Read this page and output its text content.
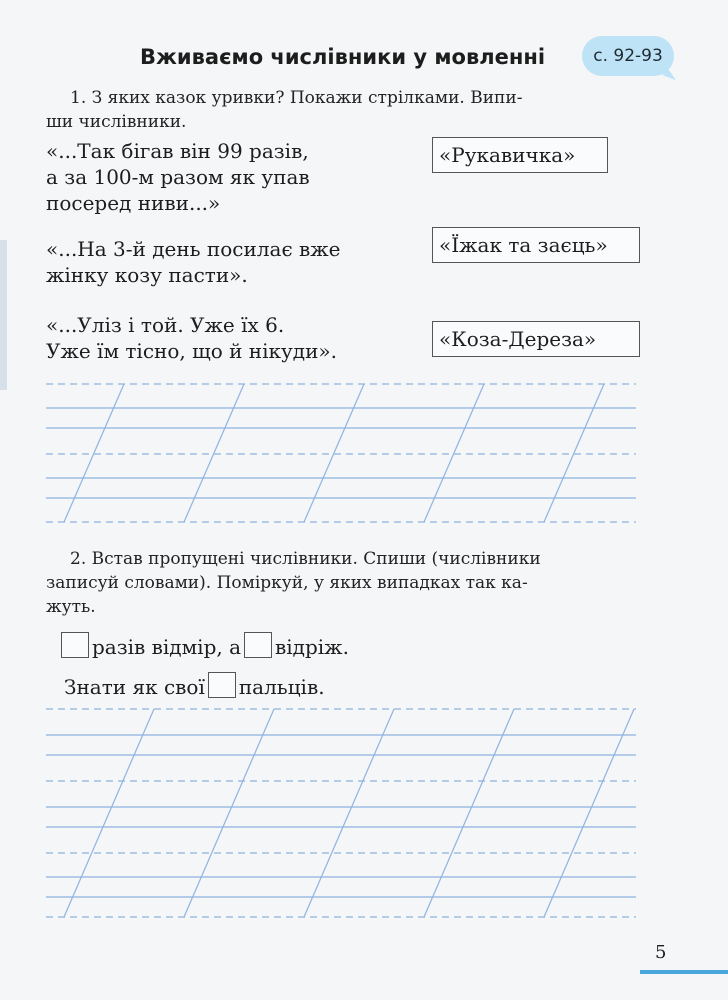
Вживаємо числівники у мовленні	с. 92-93
1. З яких казок уривки? Покажи стрілками. Випи-
ши числівники.
«...Так бігав він 99 разів,
а за 100-м разом як упав
посеред ниви...»
«...На 3-й день посилає вже
жінку козу пасти».
«...Уліз і той. Уже їх 6.
Уже їм тісно, що й нікуди».
«Рукавичка»
«Їжак та заєць»
«Коза-Дереза»
2. Встав пропущені числівники. Спиши (числівники
записуй словами). Поміркуй, у яких випадках так ка-
жуть.
разів відмір, а відріж.
Знати як свої пальців.
5
